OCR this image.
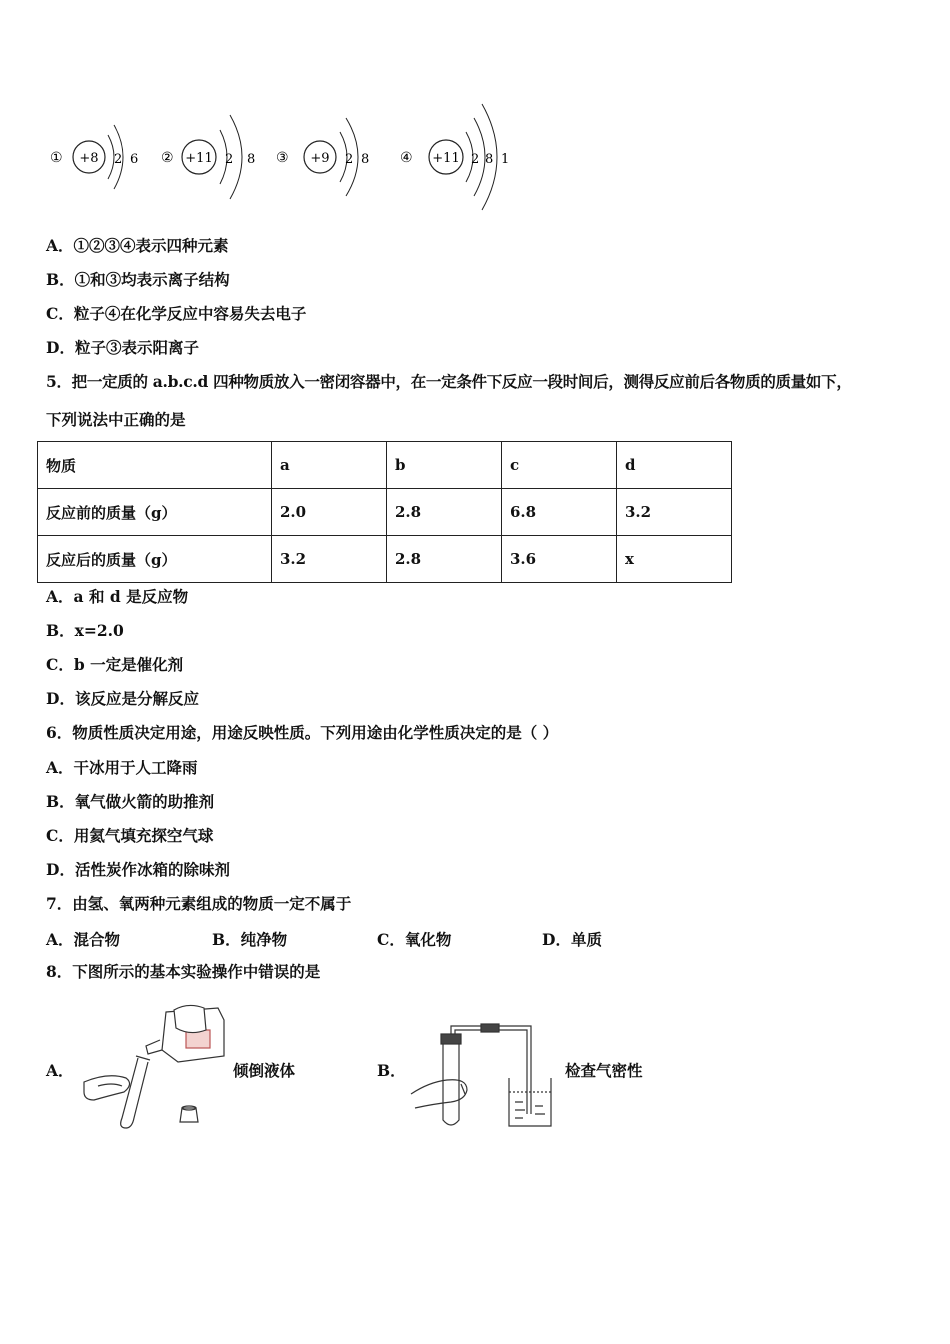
① +8 2 6 ② +11 2 8 ③ +9 2 8 ④ +11 2 8 1
A．①②③④表示四种元素
B．①和③均表示离子结构
C．粒子④在化学反应中容易失去电子
D．粒子③表示阳离子
5．把一定质的 a.b.c.d 四种物质放入一密闭容器中，在一定条件下反应一段时间后，测得反应前后各物质的质量如下，
下列说法中正确的是
物质	a	b	c	d
反应前的质量（g）	2.0	2.8	6.8	3.2
反应后的质量（g）	3.2	2.8	3.6	x
A．a 和 d 是反应物
B．x=2.0
C．b 一定是催化剂
D．该反应是分解反应
6．物质性质决定用途，用途反映性质。下列用途由化学性质决定的是（ ）
A．干冰用于人工降雨
B．氧气做火箭的助推剂
C．用氦气填充探空气球
D．活性炭作冰箱的除味剂
7．由氢、氧两种元素组成的物质一定不属于
A．混合物	B．纯净物	C．氧化物	D．单质
8．下图所示的基本实验操作中错误的是
A．	倾倒液体	B．	检查气密性
